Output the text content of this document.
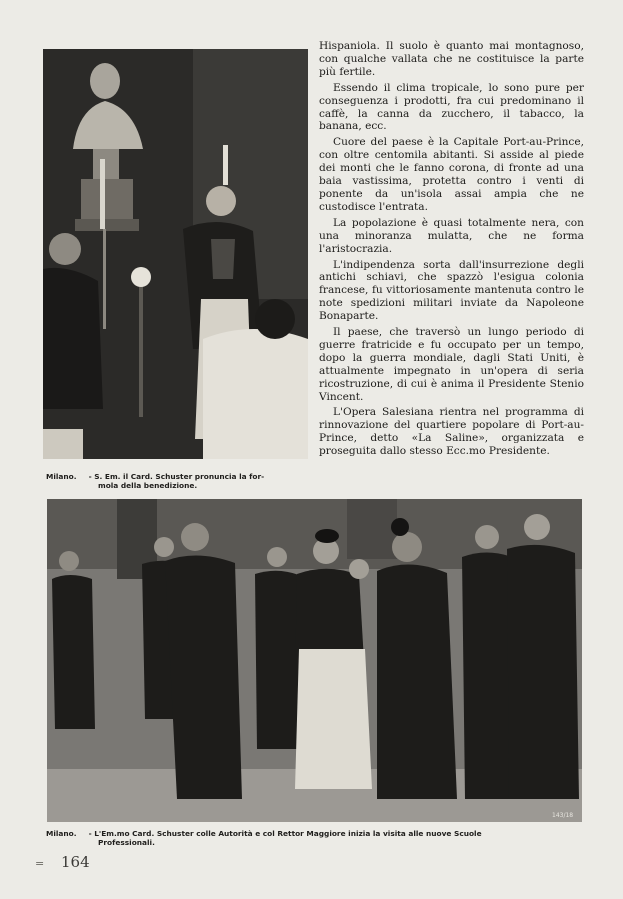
Milano. - S. Em. il Card. Schuster pronuncia la for-
mola della benedizione.

Hispaniola. Il suolo è quanto mai montagnoso, con qualche vallata che ne costituisce la parte più fertile.

Essendo il clima tropicale, lo sono pure per conseguenza i prodotti, fra cui predominano il caffè, la canna da zucchero, il tabacco, la banana, ecc.

Cuore del paese è la Capitale Port-au-Prince, con oltre centomila abitanti. Si asside al piede dei monti che le fanno corona, di fronte ad una baia vastissima, protetta contro i venti di ponente da un'isola assai ampia che ne custodisce l'entrata.

La popolazione è quasi totalmente nera, con una minoranza mulatta, che ne forma l'aristocrazia.

L'indipendenza sorta dall'insurrezione degli antichi schiavi, che spazzò l'esigua colonia francese, fu vittoriosamente mantenuta contro le note spedizioni militari inviate da Napoleone Bonaparte.

Il paese, che traversò un lungo periodo di guerre fratricide e fu occupato per un tempo, dopo la guerra mondiale, dagli Stati Uniti, è attualmente impegnato in un'opera di seria ricostruzione, di cui è anima il Presidente Stenio Vincent.

L'Opera Salesiana rientra nel programma di rinnovazione del quartiere popolare di Port-au-Prince, detto «La Saline», organizzata e proseguita dallo stesso Ecc.mo Presidente.

143/18
Milano. - L'Em.mo Card. Schuster colle Autorità e col Rettor Maggiore inizia la visita alle nuove Scuole
Professionali.
= 164
